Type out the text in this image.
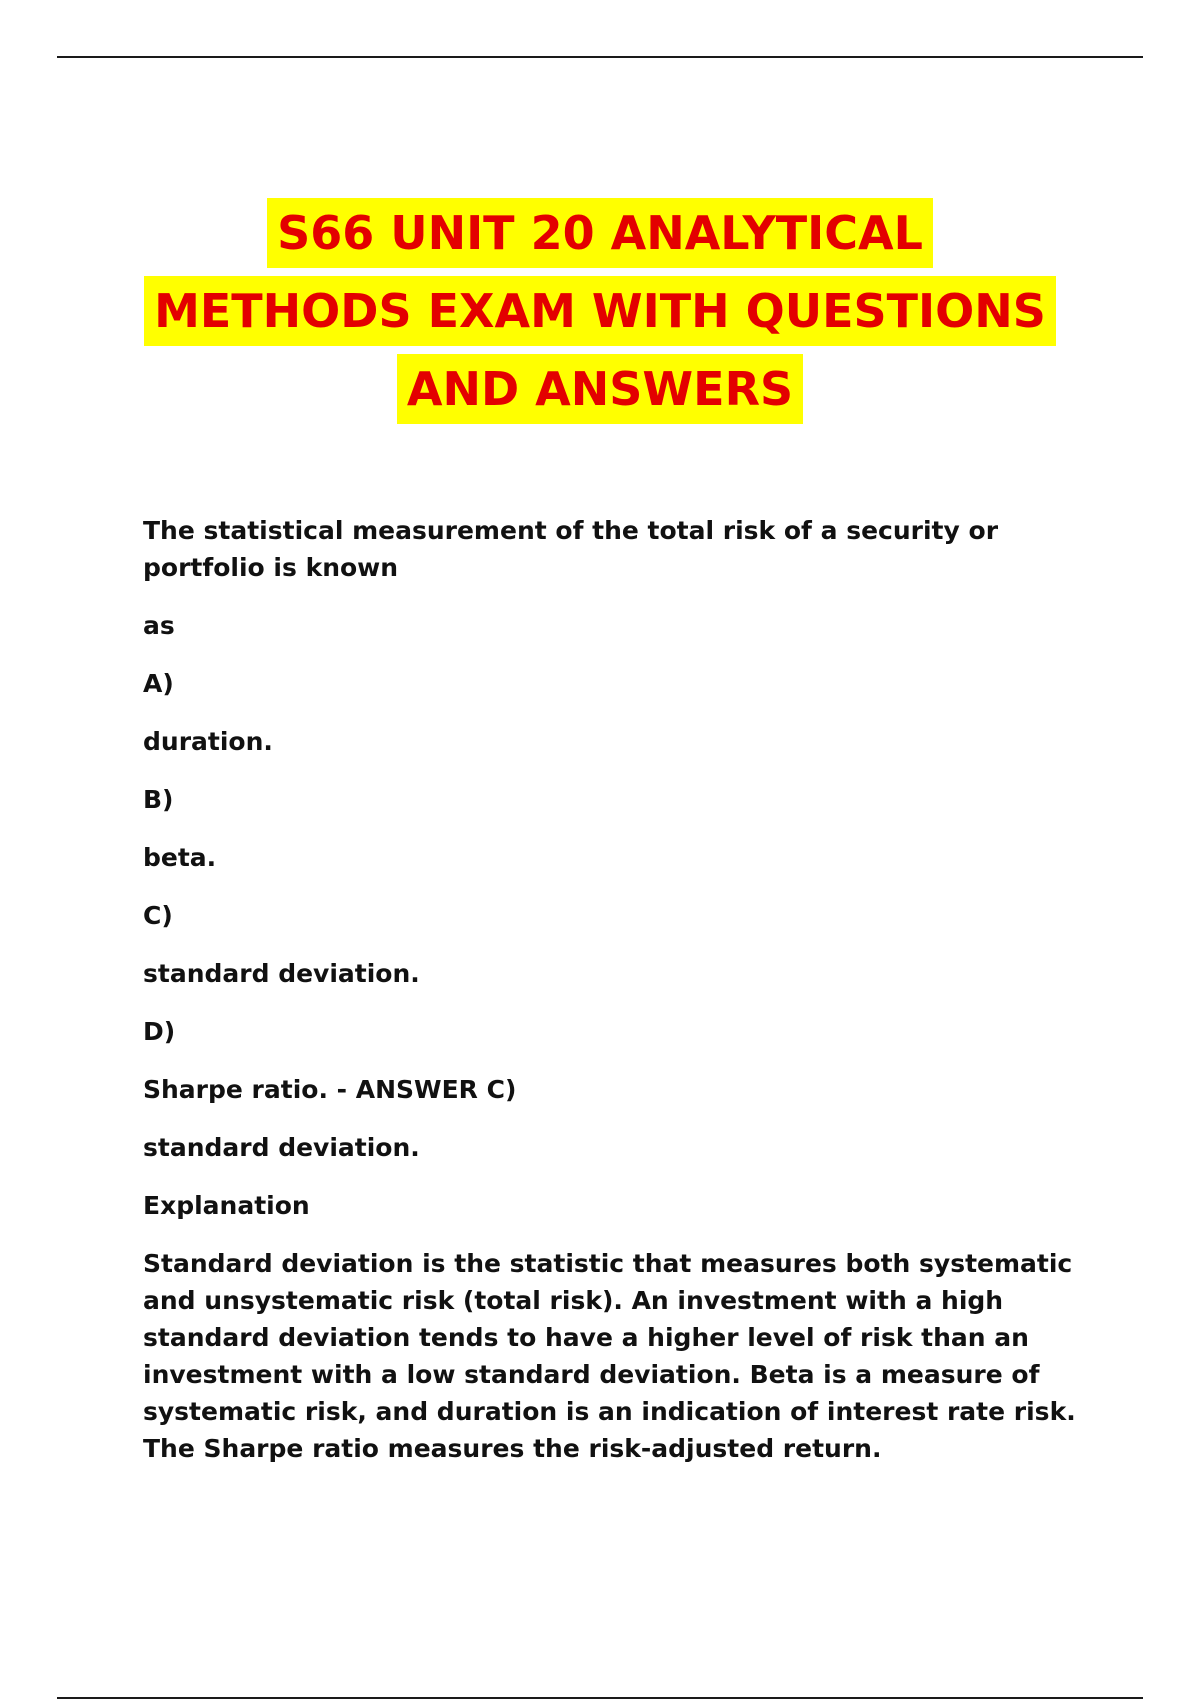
S66 UNIT 20 ANALYTICAL
METHODS EXAM WITH QUESTIONS
AND ANSWERS

The statistical measurement of the total risk of a security or portfolio is known

as

A)

duration.

B)

beta.

C)

standard deviation.

D)

Sharpe ratio. - ANSWER C)

standard deviation.

Explanation

Standard deviation is the statistic that measures both systematic and unsystematic risk (total risk). An investment with a high standard deviation tends to have a higher level of risk than an investment with a low standard deviation. Beta is a measure of systematic risk, and duration is an indication of interest rate risk. The Sharpe ratio measures the risk-adjusted return.
